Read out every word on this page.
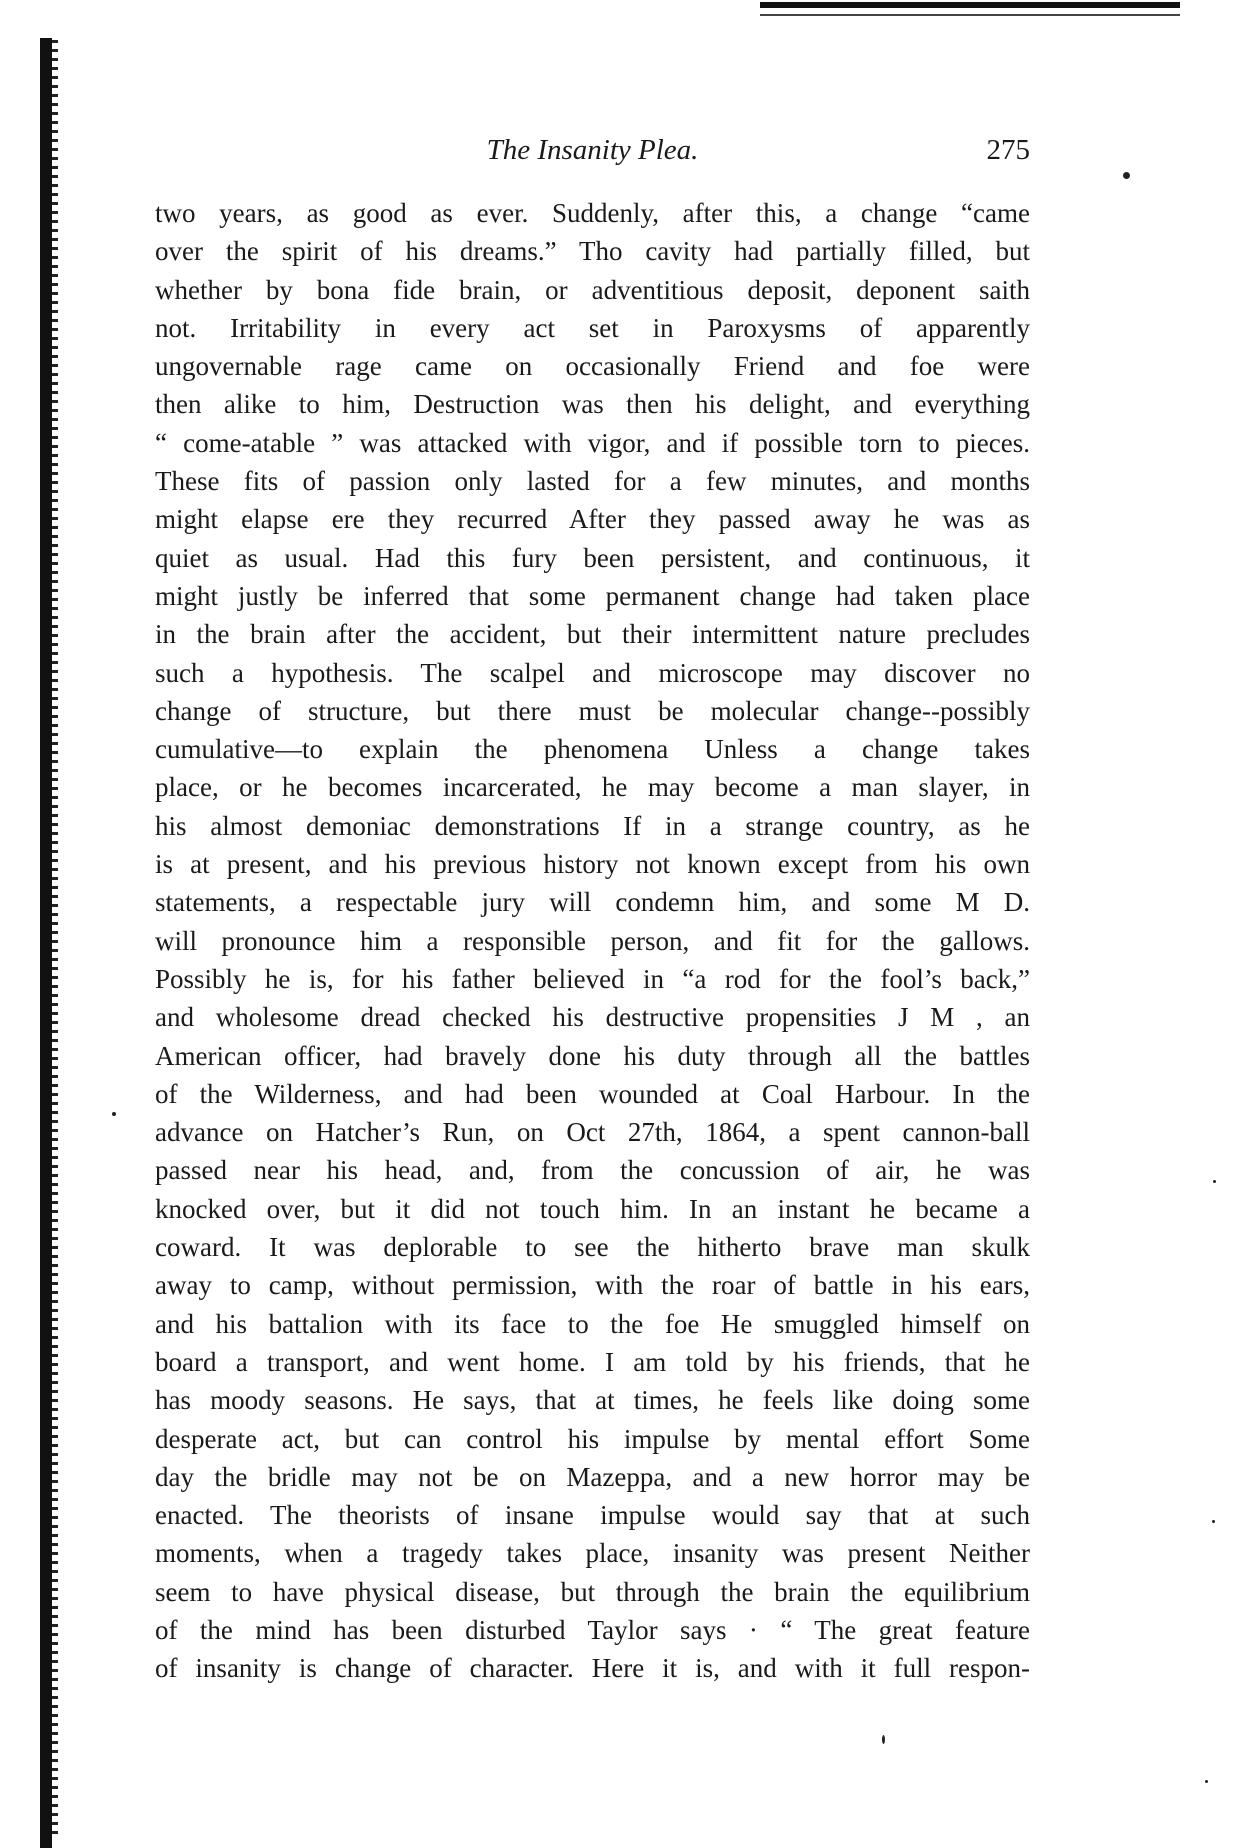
The Insanity Plea.	275
two years, as good as ever. Suddenly, after this, a change “came
over the spirit of his dreams.” Tho cavity had partially filled, but
whether by bona fide brain, or adventitious deposit, deponent saith
not. Irritability in every act set in Paroxysms of apparently
ungovernable rage came on occasionally Friend and foe were
then alike to him, Destruction was then his delight, and everything
“ come-atable ” was attacked with vigor, and if possible torn to pieces.
These fits of passion only lasted for a few minutes, and months
might elapse ere they recurred After they passed away he was as
quiet as usual. Had this fury been persistent, and continuous, it
might justly be inferred that some permanent change had taken place
in the brain after the accident, but their intermittent nature precludes
such a hypothesis. The scalpel and microscope may discover no
change of structure, but there must be molecular change--possibly
cumulative—to explain the phenomena Unless a change takes
place, or he becomes incarcerated, he may become a man slayer, in
his almost demoniac demonstrations If in a strange country, as he
is at present, and his previous history not known except from his own
statements, a respectable jury will condemn him, and some M D.
will pronounce him a responsible person, and fit for the gallows.
Possibly he is, for his father believed in “a rod for the fool’s back,”
and wholesome dread checked his destructive propensities J M , an
American officer, had bravely done his duty through all the battles
of the Wilderness, and had been wounded at Coal Harbour. In the
advance on Hatcher’s Run, on Oct 27th, 1864, a spent cannon-ball
passed near his head, and, from the concussion of air, he was
knocked over, but it did not touch him. In an instant he became a
coward. It was deplorable to see the hitherto brave man skulk
away to camp, without permission, with the roar of battle in his ears,
and his battalion with its face to the foe He smuggled himself on
board a transport, and went home. I am told by his friends, that he
has moody seasons. He says, that at times, he feels like doing some
desperate act, but can control his impulse by mental effort Some
day the bridle may not be on Mazeppa, and a new horror may be
enacted. The theorists of insane impulse would say that at such
moments, when a tragedy takes place, insanity was present Neither
seem to have physical disease, but through the brain the equilibrium
of the mind has been disturbed Taylor says · “ The great feature
of insanity is change of character. Here it is, and with it full respon-
